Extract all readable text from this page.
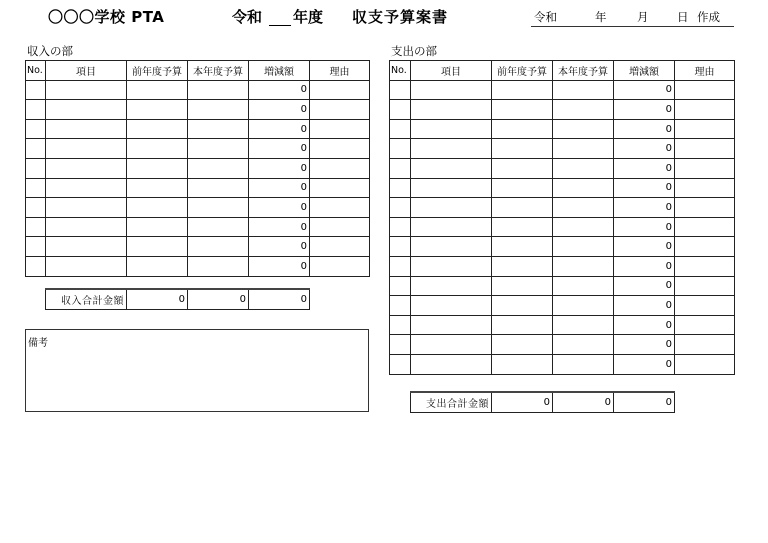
〇〇〇学校 PTA	令和 年度 収支予算案書	令和	年	月 日 作成
収入の部
No.	項目	前年度予算	本年度予算	増減額	理由
				0	
				0	
				0	
				0	
				0	
				0	
				0	
				0	
				0	
				0	
収入合計金額	0	0	0
備考
支出の部
No.	項目	前年度予算	本年度予算	増減額	理由
				0	
				0	
				0	
				0	
				0	
				0	
				0	
				0	
				0	
				0	
				0	
				0	
				0	
				0	
				0	
支出合計金額	0	0	0
